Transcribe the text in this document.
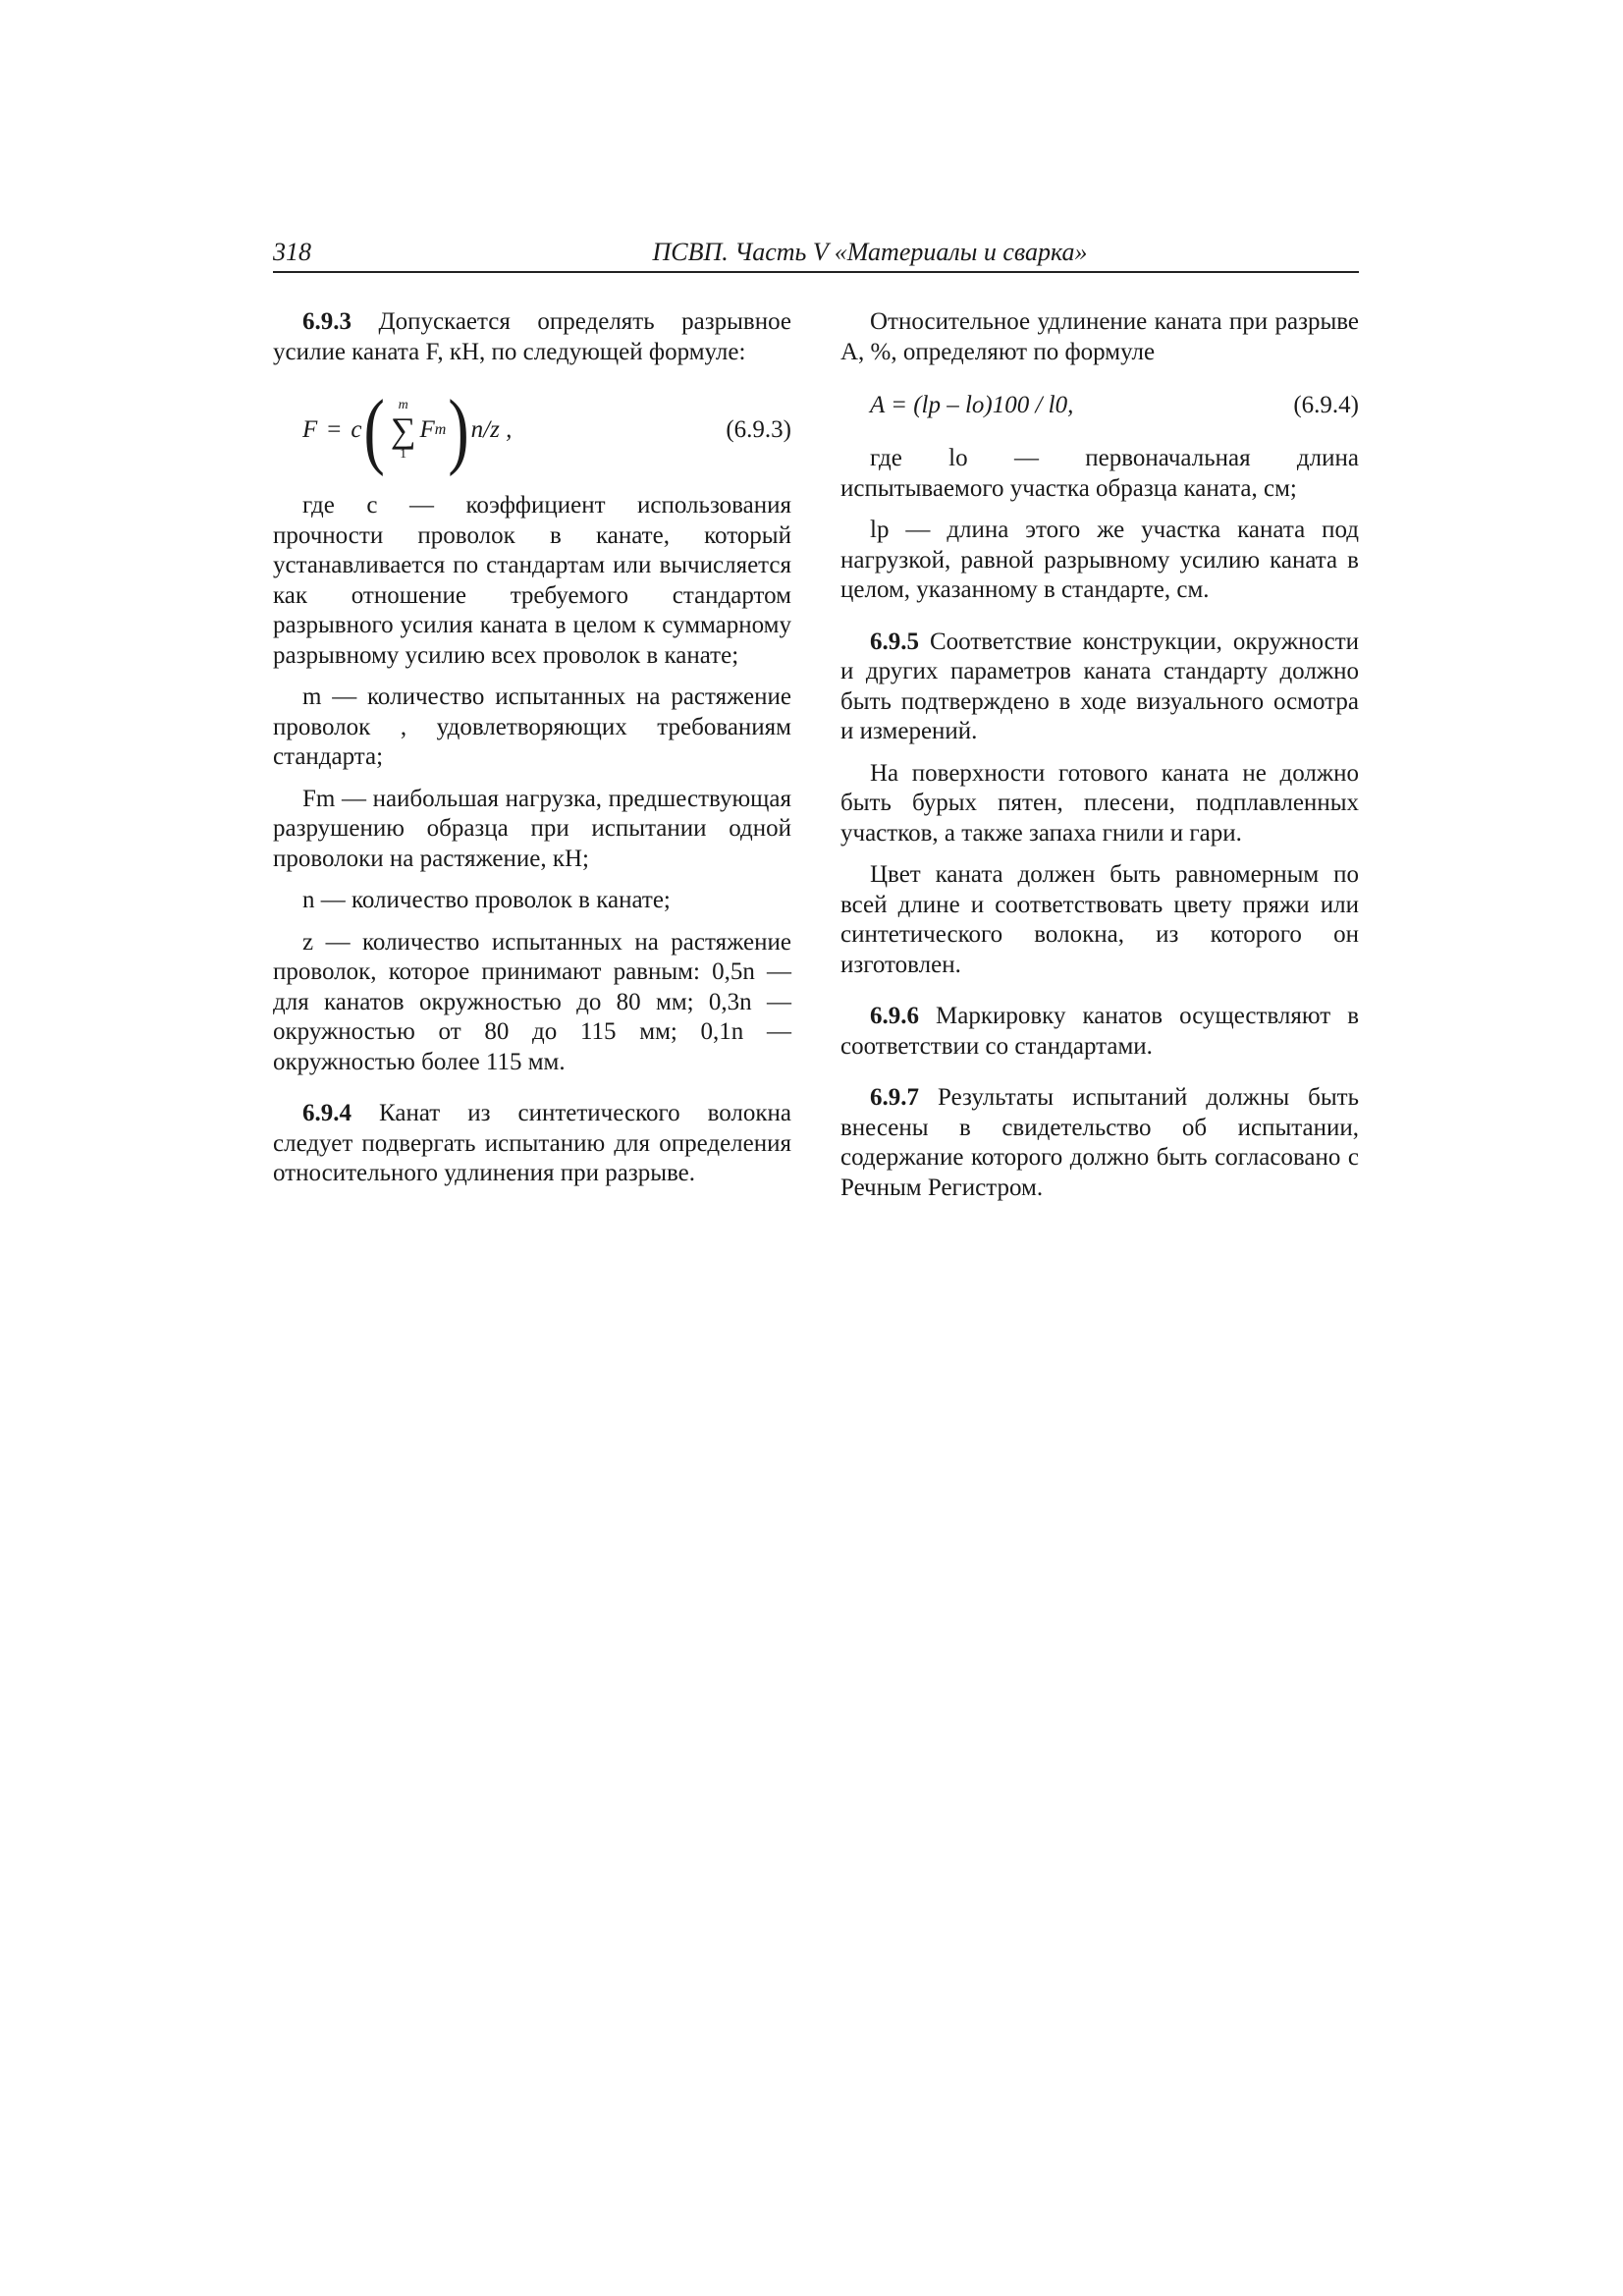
318	ПСВП. Часть V «Материалы и сварка»

6.9.3 Допускается определять разрывное усилие каната F, кН, по следующей формуле:

F = c ( m
∑
1
F m ) n/z ,	(6.9.3)

где c — коэффициент использования прочности проволок в канате, который устанавливается по стандартам или вычисляется как отношение требуемого стандартом разрывного усилия каната в целом к суммарному разрывному усилию всех проволок в канате;

m — количество испытанных на растяжение проволок , удовлетворяющих требованиям стандарта;

Fm — наибольшая нагрузка, предшествующая разрушению образца при испытании одной проволоки на растяжение, кН;

n — количество проволок в канате;

z — количество испытанных на растяжение проволок, которое принимают равным: 0,5n — для канатов окружностью до 80 мм; 0,3n — окружностью от 80 до 115 мм; 0,1n — окружностью более 115 мм.

6.9.4 Канат из синтетического волокна следует подвергать испытанию для определения относительного удлинения при разрыве.

Относительное удлинение каната при разрыве A, %, определяют по формуле

A = (lp – lo)100 / l0,	(6.9.4)

где lo — первоначальная длина испытываемого участка образца каната, см;

lp — длина этого же участка каната под нагрузкой, равной разрывному усилию каната в целом, указанному в стандарте, см.

6.9.5 Соответствие конструкции, окружности и других параметров каната стандарту должно быть подтверждено в ходе визуального осмотра и измерений.

На поверхности готового каната не должно быть бурых пятен, плесени, подплавленных участков, а также запаха гнили и гари.

Цвет каната должен быть равномерным по всей длине и соответствовать цвету пряжи или синтетического волокна, из которого он изготовлен.

6.9.6 Маркировку канатов осуществляют в соответствии со стандартами.

6.9.7 Результаты испытаний должны быть внесены в свидетельство об испытании, содержание которого должно быть согласовано с Речным Регистром.
